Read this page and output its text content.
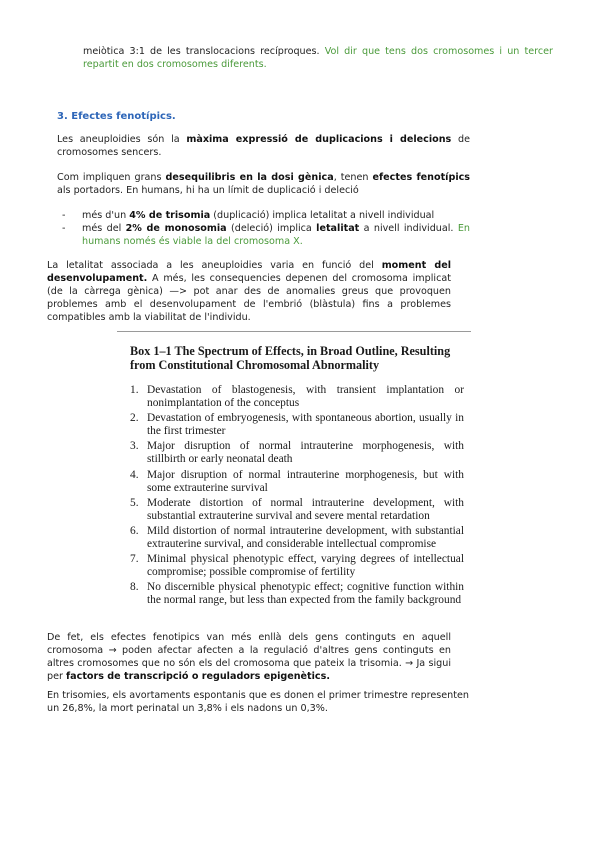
meiòtica 3:1 de les translocacions recíproques. Vol dir que tens dos cromosomes i un tercer repartit en dos cromosomes diferents.
3. Efectes fenotípics.
Les aneuploidies són la màxima expressió de duplicacions i delecions de cromosomes sencers.
Com impliquen grans desequilibris en la dosi gènica, tenen efectes fenotípics als portadors. En humans, hi ha un límit de duplicació i deleció
- més d'un 4% de trisomia (duplicació) implica letalitat a nivell individual
- més del 2% de monosomia (deleció) implica letalitat a nivell individual. En humans només és viable la del cromosoma X.
La letalitat associada a les aneuploidies varia en funció del moment del desenvolupament. A més, les consequencies depenen del cromosoma implicat (de la càrrega gènica) —> pot anar des de anomalies greus que provoquen problemes amb el desenvolupament de l'embrió (blàstula) fins a problemes compatibles amb la viabilitat de l'individu.
Box 1–1 The Spectrum of Effects, in Broad Outline, Resulting from Constitutional Chromosomal Abnormality
1. Devastation of blastogenesis, with transient implantation or nonimplantation of the conceptus
2. Devastation of embryogenesis, with spontaneous abortion, usually in the first trimester
3. Major disruption of normal intrauterine morphogenesis, with stillbirth or early neonatal death
4. Major disruption of normal intrauterine morphogenesis, but with some extrauterine survival
5. Moderate distortion of normal intrauterine development, with substantial extrauterine survival and severe mental retardation
6. Mild distortion of normal intrauterine development, with substantial extrauterine survival, and considerable intellectual compromise
7. Minimal physical phenotypic effect, varying degrees of intellectual compromise; possible compromise of fertility
8. No discernible physical phenotypic effect; cognitive function within the normal range, but less than expected from the family background
De fet, els efectes fenotipics van més enllà dels gens continguts en aquell cromosoma → poden afectar afecten a la regulació d'altres gens continguts en altres cromosomes que no són els del cromosoma que pateix la trisomia. → Ja sigui per factors de transcripció o reguladors epigenètics.
En trisomies, els avortaments espontanis que es donen el primer trimestre representen un 26,8%, la mort perinatal un 3,8% i els nadons un 0,3%.
